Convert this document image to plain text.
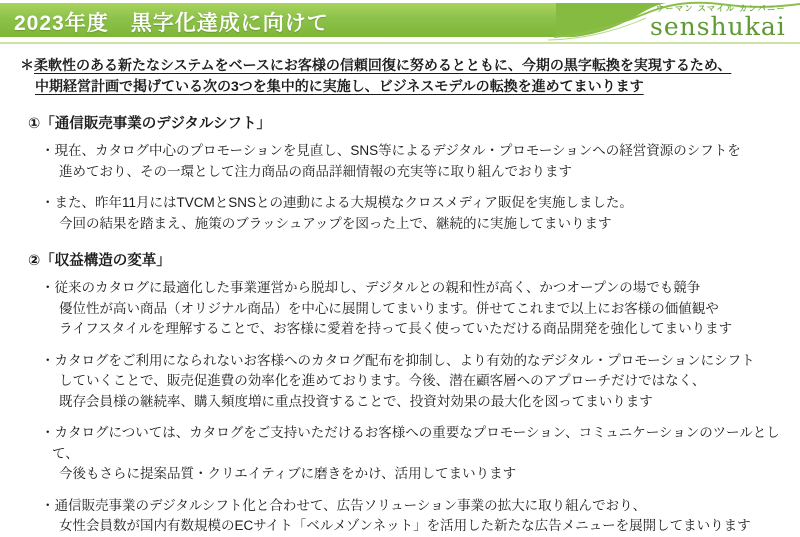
2023年度　黒字化達成に向けて
ウーマン スマイル カンパニー
senshukai
＊柔軟性のある新たなシステムをベースにお客様の信頼回復に努めるとともに、今期の黒字転換を実現するため、
中期経営計画で掲げている次の3つを集中的に実施し、ビジネスモデルの転換を進めてまいります
①「通信販売事業のデジタルシフト」
・現在、カタログ中心のプロモーションを見直し、SNS等によるデジタル・プロモーションへの経営資源のシフトを
進めており、その一環として注力商品の商品詳細情報の充実等に取り組んでおります
・また、昨年11月にはTVCMとSNSとの連動による大規模なクロスメディア販促を実施しました。
今回の結果を踏まえ、施策のブラッシュアップを図った上で、継続的に実施してまいります
②「収益構造の変革」
・従来のカタログに最適化した事業運営から脱却し、デジタルとの親和性が高く、かつオープンの場でも競争
優位性が高い商品（オリジナル商品）を中心に展開してまいります。併せてこれまで以上にお客様の価値観や
ライフスタイルを理解することで、お客様に愛着を持って長く使っていただける商品開発を強化してまいります
・カタログをご利用になられないお客様へのカタログ配布を抑制し、より有効的なデジタル・プロモーションにシフト
していくことで、販売促進費の効率化を進めております。今後、潜在顧客層へのアプローチだけではなく、
既存会員様の継続率、購入頻度増に重点投資することで、投資対効果の最大化を図ってまいります
・カタログについては、カタログをご支持いただけるお客様への重要なプロモーション、コミュニケーションのツールとして、
今後もさらに提案品質・クリエイティブに磨きをかけ、活用してまいります
・通信販売事業のデジタルシフト化と合わせて、広告ソリューション事業の拡大に取り組んでおり、
女性会員数が国内有数規模のECサイト「ベルメゾンネット」を活用した新たな広告メニューを展開してまいります
